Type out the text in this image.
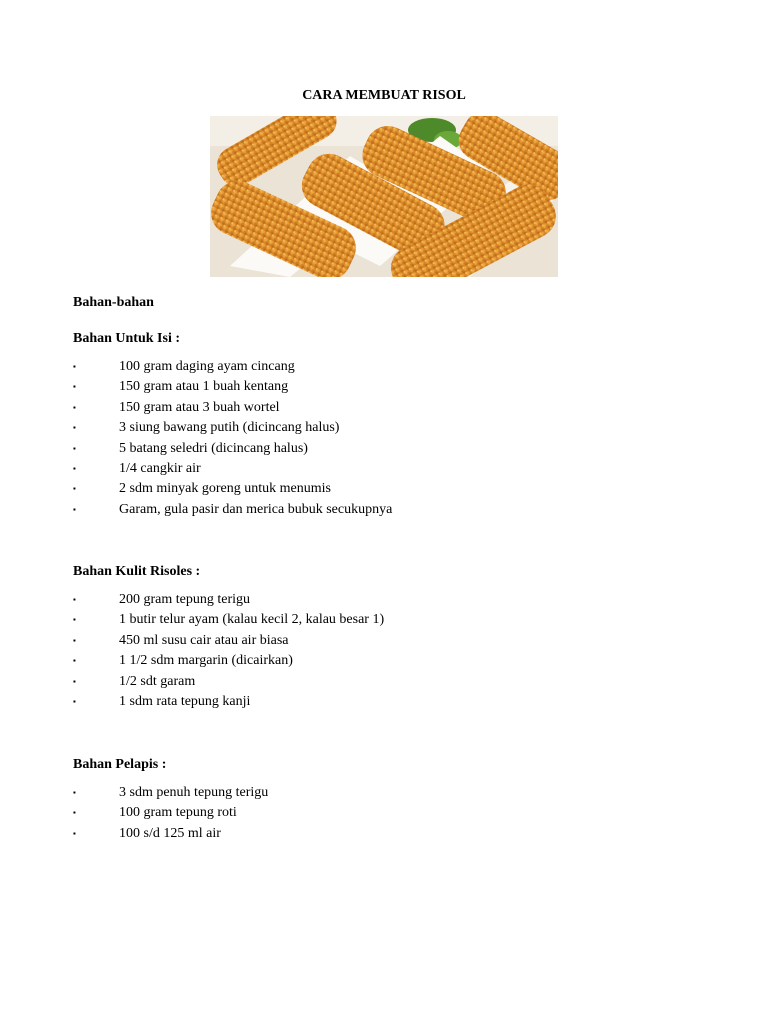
CARA MEMBUAT RISOL
Bahan-bahan
Bahan Untuk Isi :
▪	100 gram daging ayam cincang
▪	150 gram atau 1 buah kentang
▪	150 gram atau 3 buah wortel
▪	3 siung bawang putih (dicincang halus)
▪	5 batang seledri (dicincang halus)
▪	1/4 cangkir air
▪	2 sdm minyak goreng untuk menumis
▪	Garam, gula pasir dan merica bubuk secukupnya
Bahan Kulit Risoles :
▪	200 gram tepung terigu
▪	1 butir telur ayam (kalau kecil 2, kalau besar 1)
▪	450 ml susu cair atau air biasa
▪	1 1/2 sdm margarin (dicairkan)
▪	1/2 sdt garam
▪	1 sdm rata tepung kanji
Bahan Pelapis :
▪	3 sdm penuh tepung terigu
▪	100 gram tepung roti
▪	100 s/d 125 ml air
